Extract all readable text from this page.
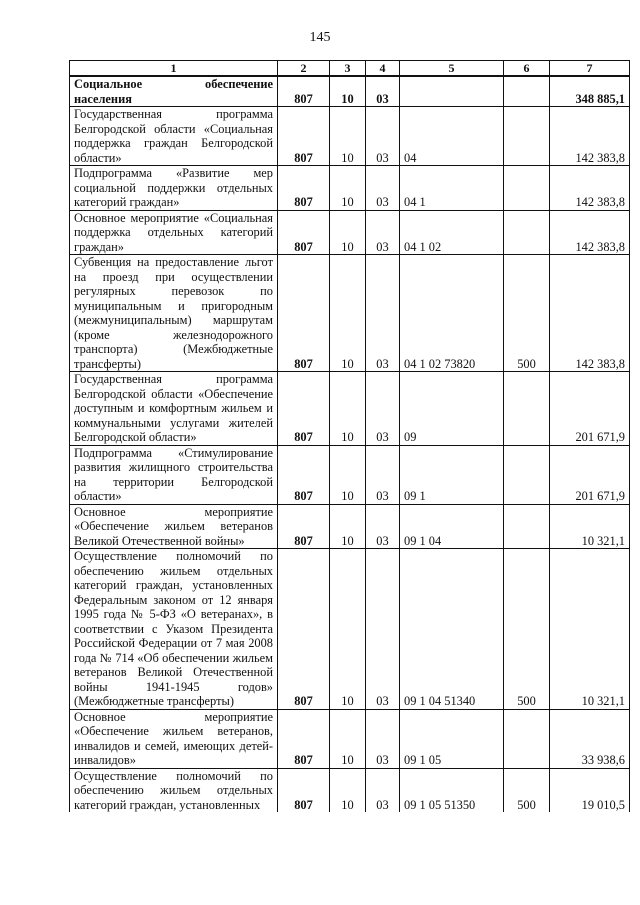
145
1	2	3	4	5	6	7
Социальное обеспечение населения	807	10	03			348 885,1
Государственная программа Белгородской области «Социальная поддержка граждан Белгородской области»	807	10	03	04		142 383,8
Подпрограмма «Развитие мер социальной поддержки отдельных категорий граждан»	807	10	03	04 1		142 383,8
Основное мероприятие «Социальная поддержка отдельных категорий граждан»	807	10	03	04 1 02		142 383,8
Субвенция на предоставление льгот на проезд при осуществлении регулярных перевозок по муниципальным и пригородным (межмуниципальным) маршрутам (кроме железнодорожного транспорта) (Межбюджетные трансферты)	807	10	03	04 1 02 73820	500	142 383,8
Государственная программа Белгородской области «Обеспечение доступным и комфортным жильем и коммунальными услугами жителей Белгородской области»	807	10	03	09		201 671,9
Подпрограмма «Стимулирование развития жилищного строительства на территории Белгородской области»	807	10	03	09 1		201 671,9
Основное мероприятие «Обеспечение жильем ветеранов Великой Отечественной войны»	807	10	03	09 1 04		10 321,1
Осуществление полномочий по обеспечению жильем отдельных категорий граждан, установленных Федеральным законом от 12 января 1995 года № 5-ФЗ «О ветеранах», в соответствии с Указом Президента Российской Федерации от 7 мая 2008 года № 714 «Об обеспечении жильем ветеранов Великой Отечественной войны 1941-1945 годов» (Межбюджетные трансферты)	807	10	03	09 1 04 51340	500	10 321,1
Основное мероприятие «Обеспечение жильем ветеранов, инвалидов и семей, имеющих детей-инвалидов»	807	10	03	09 1 05		33 938,6
Осуществление полномочий по обеспечению жильем отдельных категорий граждан, установленных	807	10	03	09 1 05 51350	500	19 010,5
